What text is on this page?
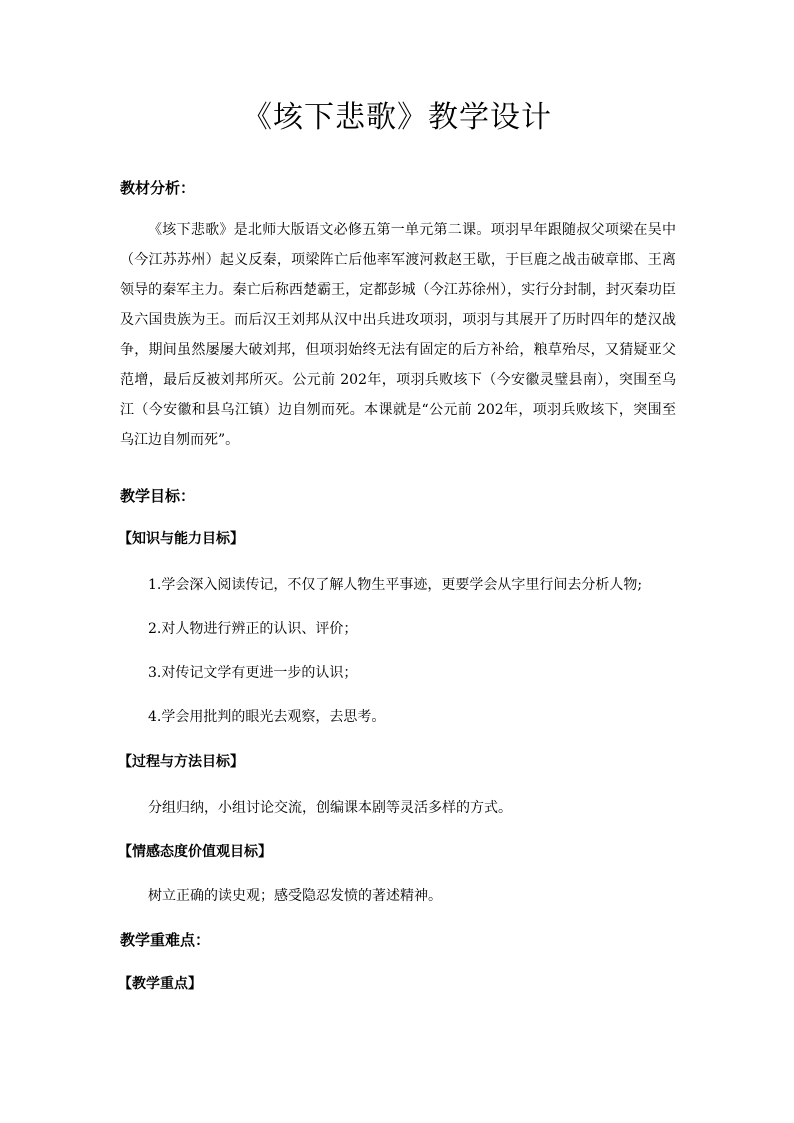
《垓下悲歌》教学设计
教材分析：
《垓下悲歌》是北师大版语文必修五第一单元第二课。项羽早年跟随叔父项梁在吴中（今江苏苏州）起义反秦，项梁阵亡后他率军渡河救赵王歇，于巨鹿之战击破章邯、王离领导的秦军主力。秦亡后称西楚霸王，定都彭城（今江苏徐州），实行分封制，封灭秦功臣及六国贵族为王。而后汉王刘邦从汉中出兵进攻项羽，项羽与其展开了历时四年的楚汉战争，期间虽然屡屡大破刘邦，但项羽始终无法有固定的后方补给，粮草殆尽，又猜疑亚父范增，最后反被刘邦所灭。公元前 202年，项羽兵败垓下（今安徽灵璧县南），突围至乌江（今安徽和县乌江镇）边自刎而死。本课就是“公元前 202年，项羽兵败垓下，突围至乌江边自刎而死”。
教学目标：
【知识与能力目标】
1.学会深入阅读传记，不仅了解人物生平事迹，更要学会从字里行间去分析人物;
2.对人物进行辨正的认识、评价；
3.对传记文学有更进一步的认识；
4.学会用批判的眼光去观察，去思考。
【过程与方法目标】
分组归纳，小组讨论交流，创编课本剧等灵活多样的方式。
【情感态度价值观目标】
树立正确的读史观；感受隐忍发愤的著述精神。
教学重难点：
【教学重点】
